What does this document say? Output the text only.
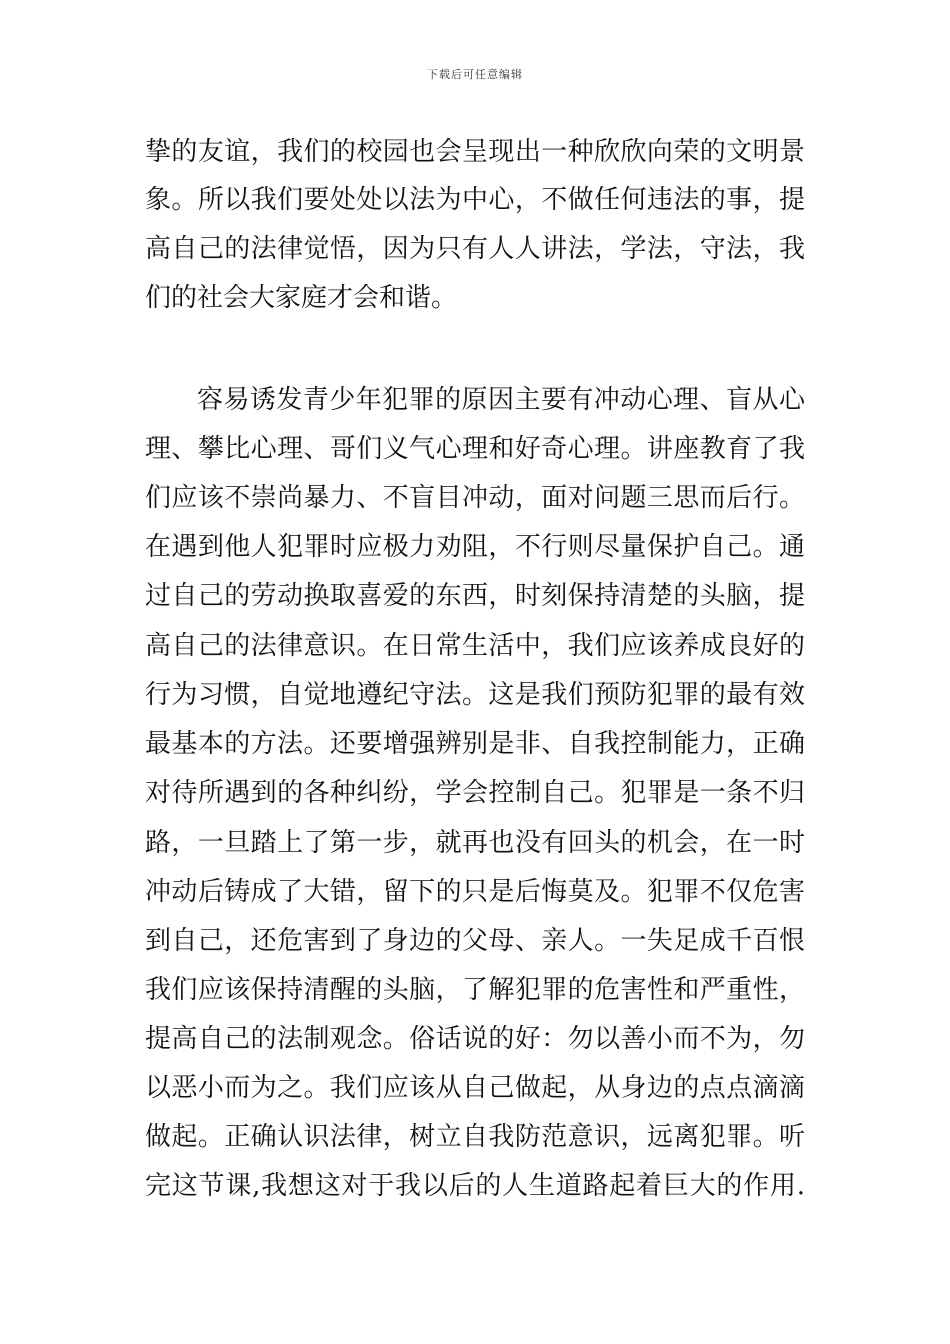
下载后可任意编辑
挚的友谊，我们的校园也会呈现出一种欣欣向荣的文明景
象。所以我们要处处以法为中心，不做任何违法的事，提
高自己的法律觉悟，因为只有人人讲法，学法，守法，我
们的社会大家庭才会和谐。
容易诱发青少年犯罪的原因主要有冲动心理、盲从心
理、攀比心理、哥们义气心理和好奇心理。讲座教育了我
们应该不崇尚暴力、不盲目冲动，面对问题三思而后行。
在遇到他人犯罪时应极力劝阻，不行则尽量保护自己。通
过自己的劳动换取喜爱的东西，时刻保持清楚的头脑，提
高自己的法律意识。在日常生活中，我们应该养成良好的
行为习惯，自觉地遵纪守法。这是我们预防犯罪的最有效
最基本的方法。还要增强辨别是非、自我控制能力，正确
对待所遇到的各种纠纷，学会控制自己。犯罪是一条不归
路，一旦踏上了第一步，就再也没有回头的机会，在一时
冲动后铸成了大错，留下的只是后悔莫及。犯罪不仅危害
到自己，还危害到了身边的父母、亲人。一失足成千百恨
我们应该保持清醒的头脑，了解犯罪的危害性和严重性，
提高自己的法制观念。俗话说的好：勿以善小而不为，勿
以恶小而为之。我们应该从自己做起，从身边的点点滴滴
做起。正确认识法律，树立自我防范意识，远离犯罪。听
完这节课,我想这对于我以后的人生道路起着巨大的作用.
